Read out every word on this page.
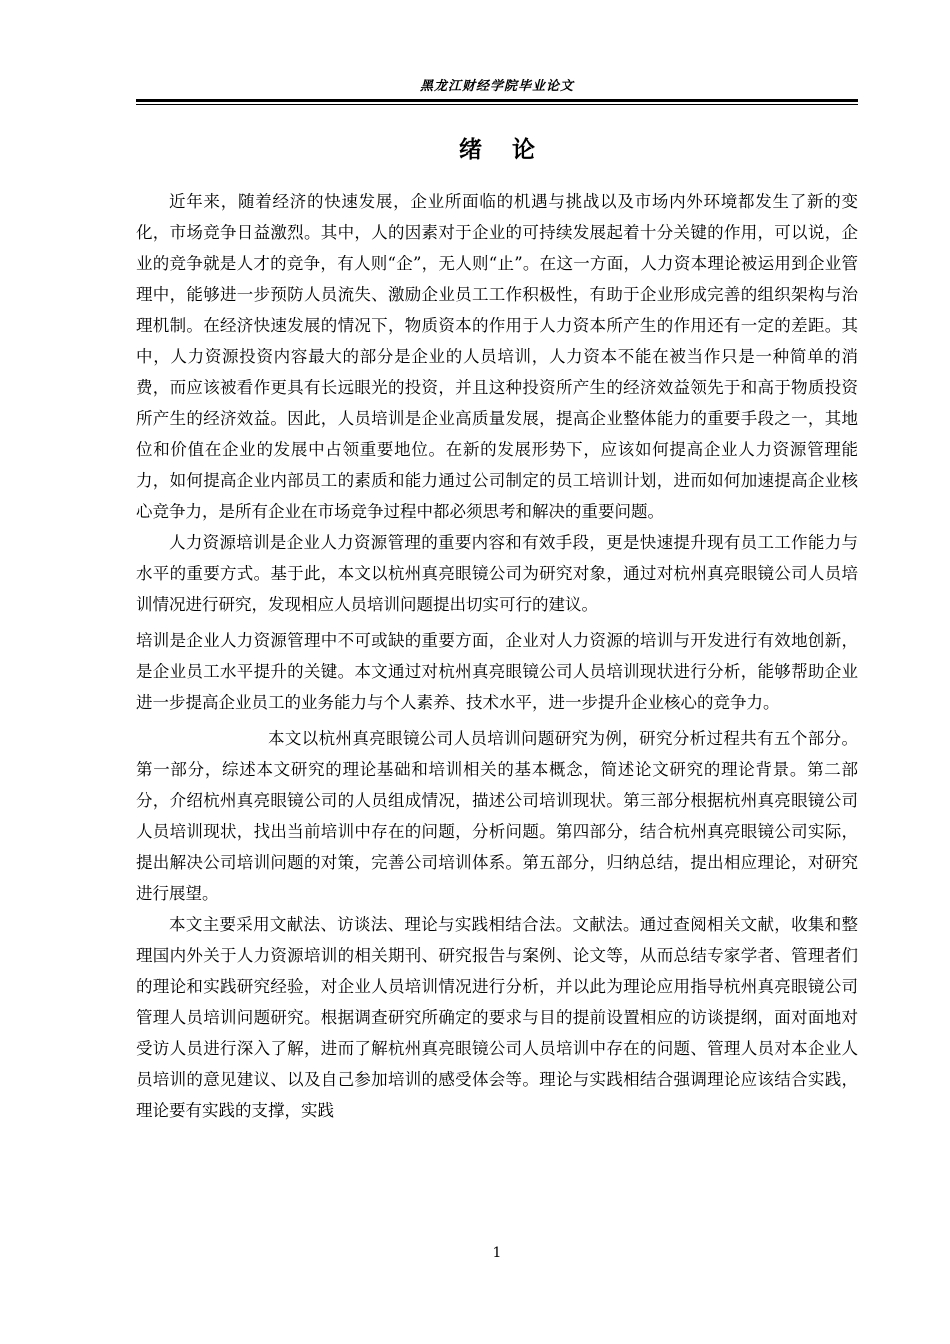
黑龙江财经学院毕业论文
绪论

近年来，随着经济的快速发展，企业所面临的机遇与挑战以及市场内外环境都发生了新的变化，市场竞争日益激烈。其中，人的因素对于企业的可持续发展起着十分关键的作用，可以说，企业的竞争就是人才的竞争，有人则“企”，无人则“止”。在这一方面，人力资本理论被运用到企业管理中，能够进一步预防人员流失、激励企业员工工作积极性，有助于企业形成完善的组织架构与治理机制。在经济快速发展的情况下，物质资本的作用于人力资本所产生的作用还有一定的差距。其中，人力资源投资内容最大的部分是企业的人员培训，人力资本不能在被当作只是一种简单的消费，而应该被看作更具有长远眼光的投资，并且这种投资所产生的经济效益领先于和高于物质投资所产生的经济效益。因此，人员培训是企业高质量发展，提高企业整体能力的重要手段之一，其地位和价值在企业的发展中占领重要地位。在新的发展形势下，应该如何提高企业人力资源管理能力，如何提高企业内部员工的素质和能力通过公司制定的员工培训计划，进而如何加速提高企业核心竞争力，是所有企业在市场竞争过程中都必须思考和解决的重要问题。

人力资源培训是企业人力资源管理的重要内容和有效手段，更是快速提升现有员工工作能力与水平的重要方式。基于此，本文以杭州真亮眼镜公司为研究对象，通过对杭州真亮眼镜公司人员培训情况进行研究，发现相应人员培训问题提出切实可行的建议。

培训是企业人力资源管理中不可或缺的重要方面，企业对人力资源的培训与开发进行有效地创新，是企业员工水平提升的关键。本文通过对杭州真亮眼镜公司人员培训现状进行分析，能够帮助企业进一步提高企业员工的业务能力与个人素养、技术水平，进一步提升企业核心的竞争力。

本文以杭州真亮眼镜公司人员培训问题研究为例，研究分析过程共有五个部分。第一部分，综述本文研究的理论基础和培训相关的基本概念，简述论文研究的理论背景。第二部分，介绍杭州真亮眼镜公司的人员组成情况，描述公司培训现状。第三部分根据杭州真亮眼镜公司人员培训现状，找出当前培训中存在的问题，分析问题。第四部分，结合杭州真亮眼镜公司实际，提出解决公司培训问题的对策，完善公司培训体系。第五部分，归纳总结，提出相应理论，对研究进行展望。

本文主要采用文献法、访谈法、理论与实践相结合法。文献法。通过查阅相关文献，收集和整理国内外关于人力资源培训的相关期刊、研究报告与案例、论文等，从而总结专家学者、管理者们的理论和实践研究经验，对企业人员培训情况进行分析，并以此为理论应用指导杭州真亮眼镜公司管理人员培训问题研究。根据调查研究所确定的要求与目的提前设置相应的访谈提纲，面对面地对受访人员进行深入了解，进而了解杭州真亮眼镜公司人员培训中存在的问题、管理人员对本企业人员培训的意见建议、以及自己参加培训的感受体会等。理论与实践相结合强调理论应该结合实践，理论要有实践的支撑，实践

1
